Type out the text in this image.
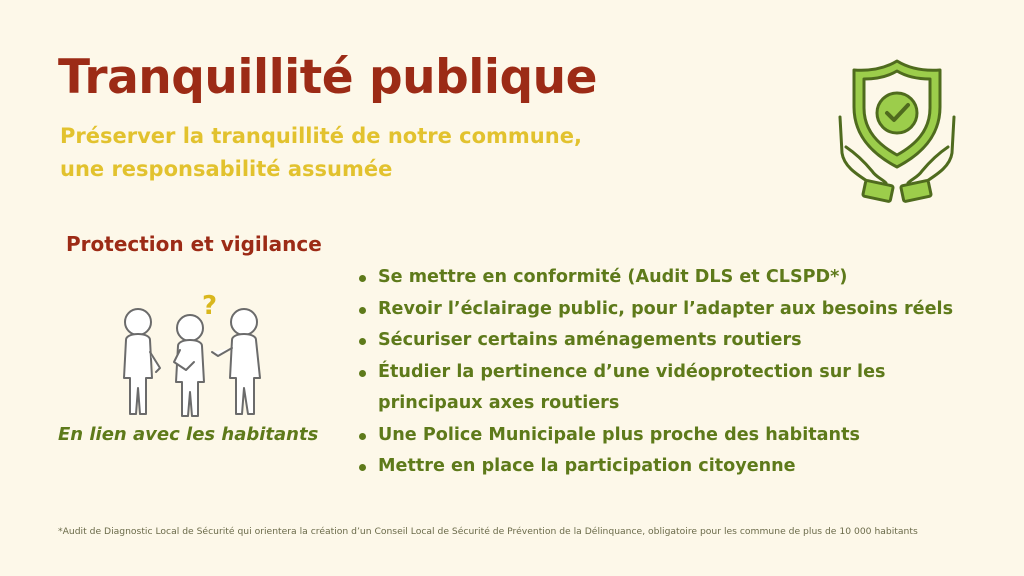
Tranquillité publique
Préserver la tranquillité de notre commune,
une responsabilité assumée
Protection et vigilance
?
En lien avec les habitants
Se mettre en conformité (Audit DLS et CLSPD*)
Revoir l’éclairage public, pour l’adapter aux besoins réels
Sécuriser certains aménagements routiers
Étudier la pertinence d’une vidéoprotection sur les
principaux axes routiers
Une Police Municipale plus proche des habitants
Mettre en place la participation citoyenne
*Audit de Diagnostic Local de Sécurité qui orientera la création d’un Conseil Local de Sécurité de Prévention de la Délinquance, obligatoire pour les commune de plus de 10 000 habitants
